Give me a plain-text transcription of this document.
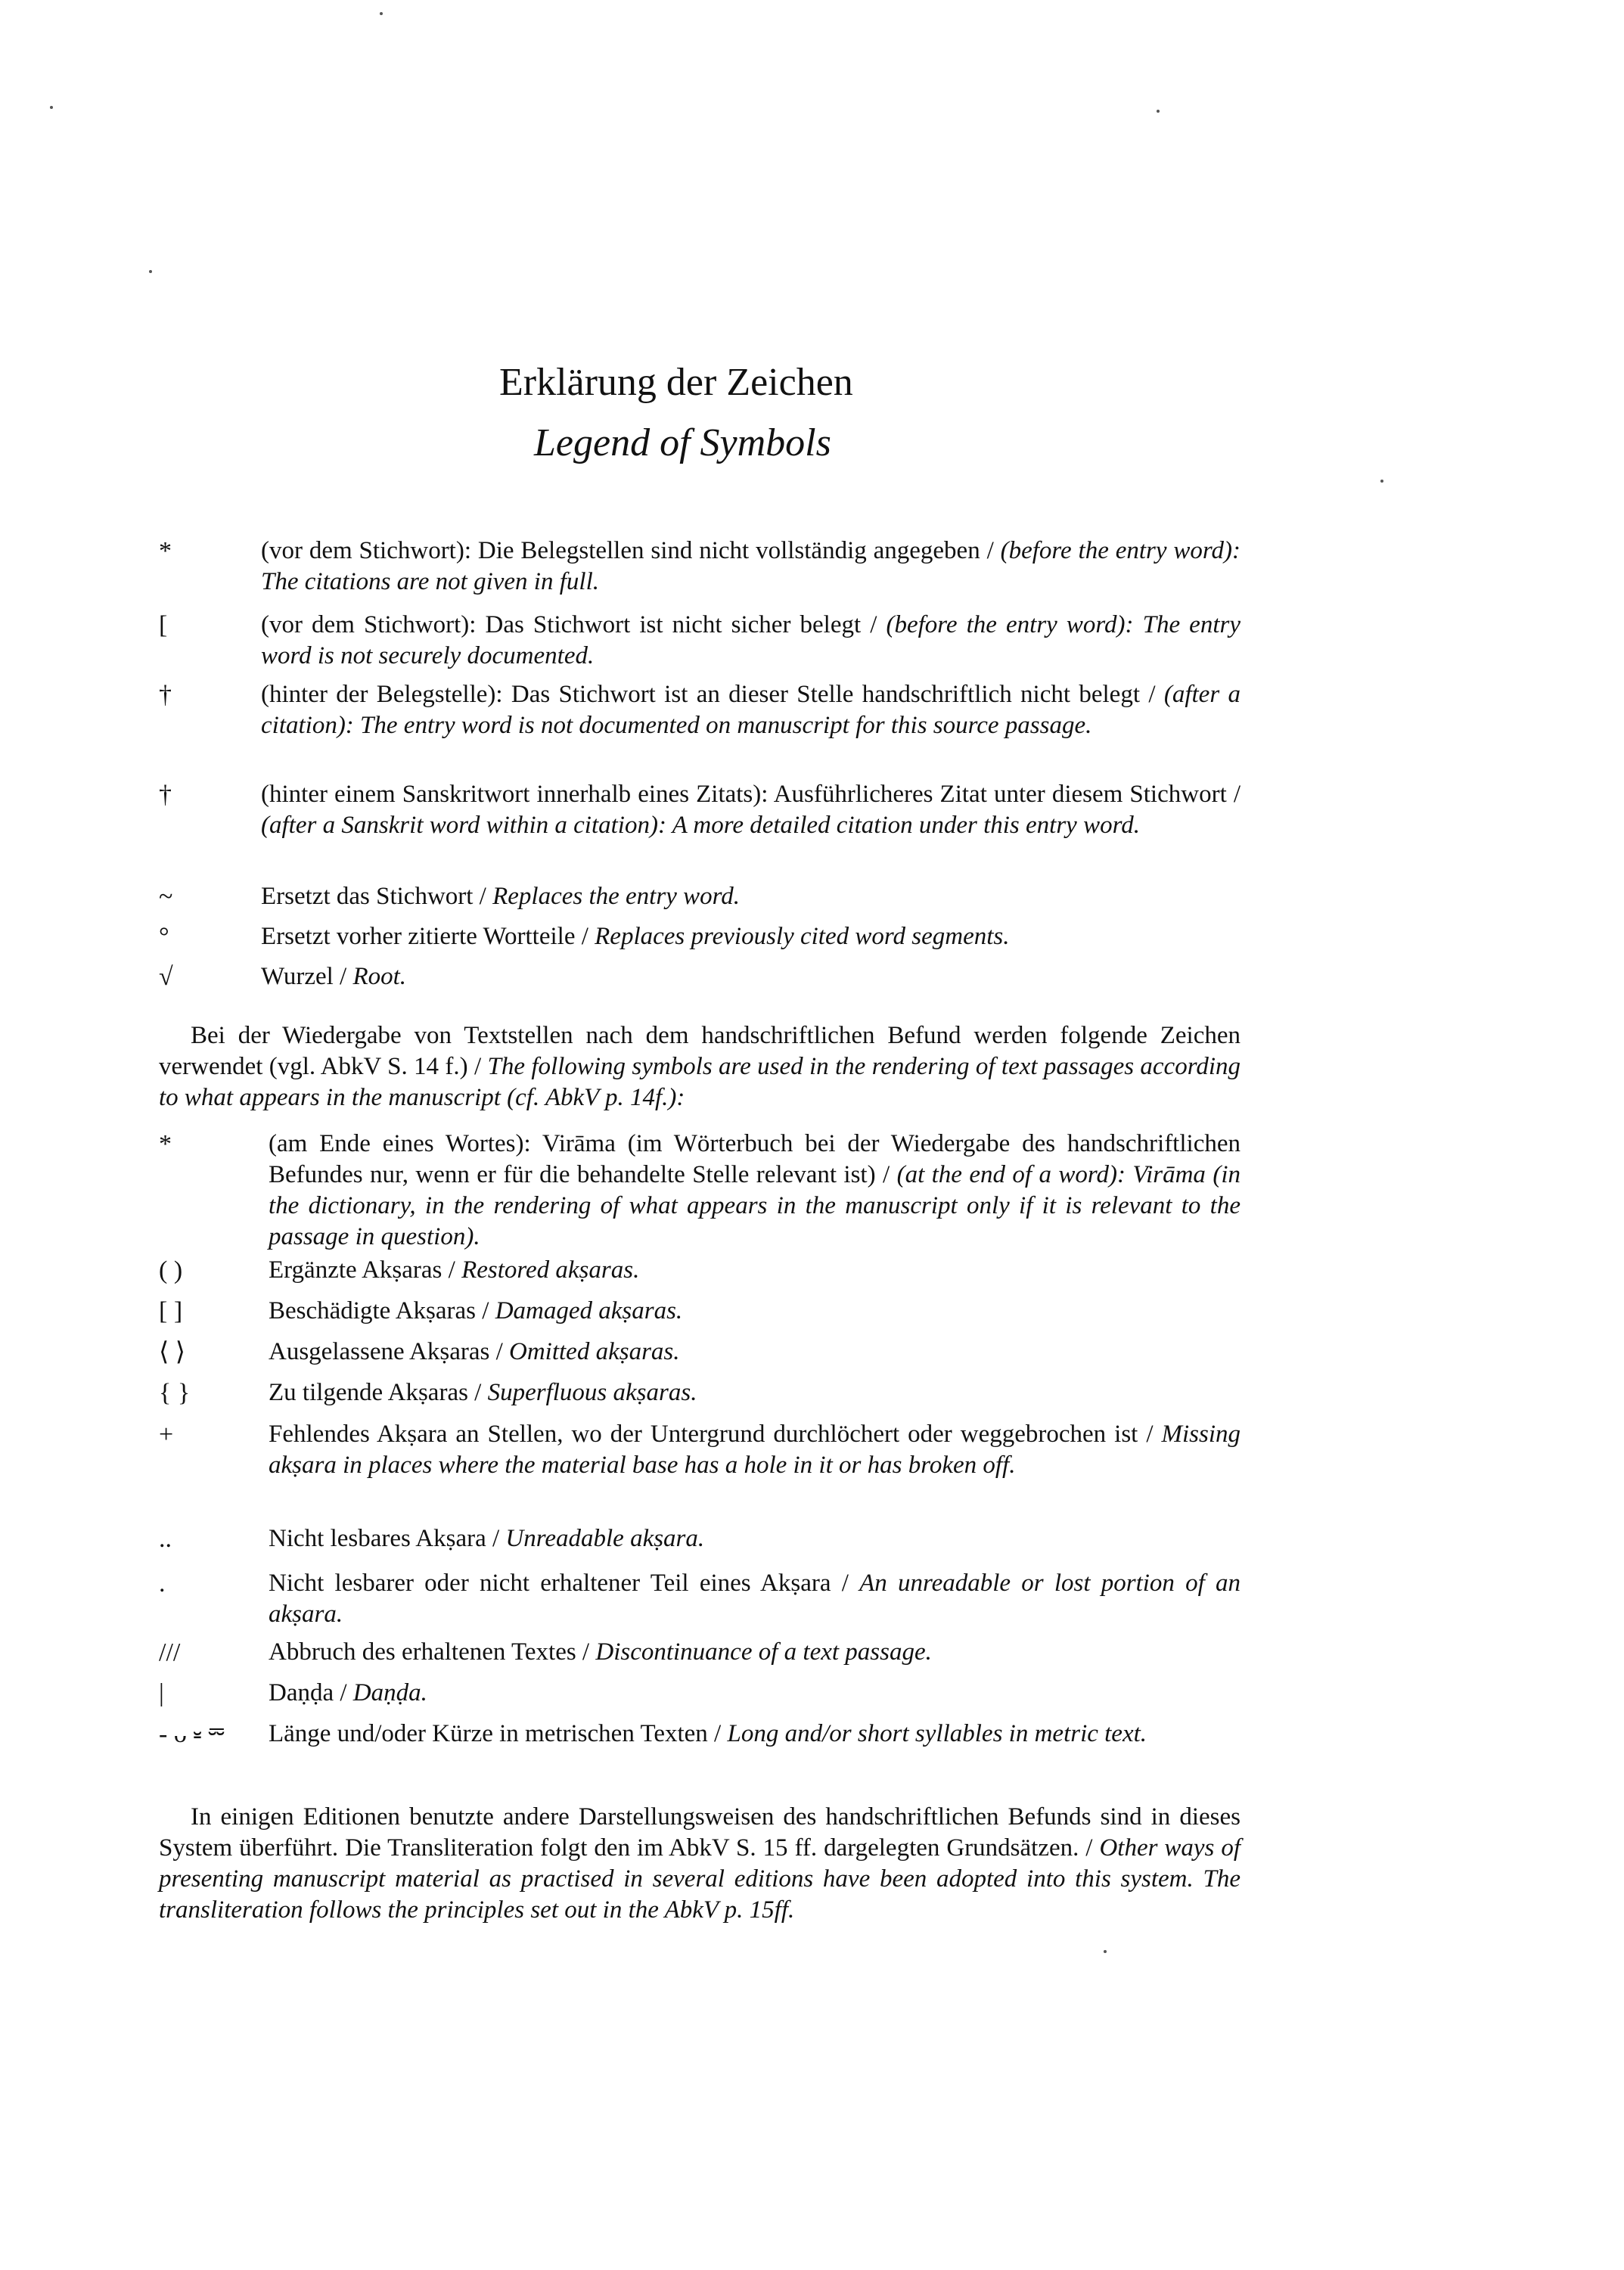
Erklärung der Zeichen
Legend of Symbols
*	(vor dem Stichwort): Die Belegstellen sind nicht vollständig angegeben / (before the entry word): The citations are not given in full.
[	(vor dem Stichwort): Das Stichwort ist nicht sicher belegt / (before the entry word): The entry word is not securely documented.
†	(hinter der Belegstelle): Das Stichwort ist an dieser Stelle handschriftlich nicht belegt / (after a citation): The entry word is not documented on manuscript for this source passage.
†	(hinter einem Sanskritwort innerhalb eines Zitats): Ausführlicheres Zitat unter diesem Stichwort / (after a Sanskrit word within a citation): A more detailed citation under this entry word.
~	Ersetzt das Stichwort / Replaces the entry word.
°	Ersetzt vorher zitierte Wortteile / Replaces previously cited word segments.
√	Wurzel / Root.
Bei der Wiedergabe von Textstellen nach dem handschriftlichen Befund werden folgende Zeichen verwendet (vgl. AbkV S. 14 f.) / The following symbols are used in the rendering of text passages according to what appears in the manuscript (cf. AbkV p. 14f.):
*	(am Ende eines Wortes): Virāma (im Wörterbuch bei der Wiedergabe des handschriftlichen Befundes nur, wenn er für die behandelte Stelle relevant ist) / (at the end of a word): Virāma (in the dictionary, in the rendering of what appears in the manuscript only if it is relevant to the passage in question).
( )	Ergänzte Akṣaras / Restored akṣaras.
[ ]	Beschädigte Akṣaras / Damaged akṣaras.
⟨ ⟩	Ausgelassene Akṣaras / Omitted akṣaras.
{ }	Zu tilgende Akṣaras / Superfluous akṣaras.
+	Fehlendes Akṣara an Stellen, wo der Untergrund durchlöchert oder weggebrochen ist / Missing akṣara in places where the material base has a hole in it or has broken off.
..	Nicht lesbares Akṣara / Unreadable akṣara.
.	Nicht lesbarer oder nicht erhaltener Teil eines Akṣara / An unreadable or lost portion of an akṣara.
///	Abbruch des erhaltenen Textes / Discontinuance of a text passage.
|	Daṇḍa / Daṇḍa.
- ᴗ ⏓ ⏔	Länge und/oder Kürze in metrischen Texten / Long and/or short syllables in metric text.
In einigen Editionen benutzte andere Darstellungsweisen des handschriftlichen Befunds sind in dieses System überführt. Die Transliteration folgt den im AbkV S. 15 ff. dargelegten Grundsätzen. / Other ways of presenting manuscript material as practised in several editions have been adopted into this system. The transliteration follows the principles set out in the AbkV p. 15ff.
